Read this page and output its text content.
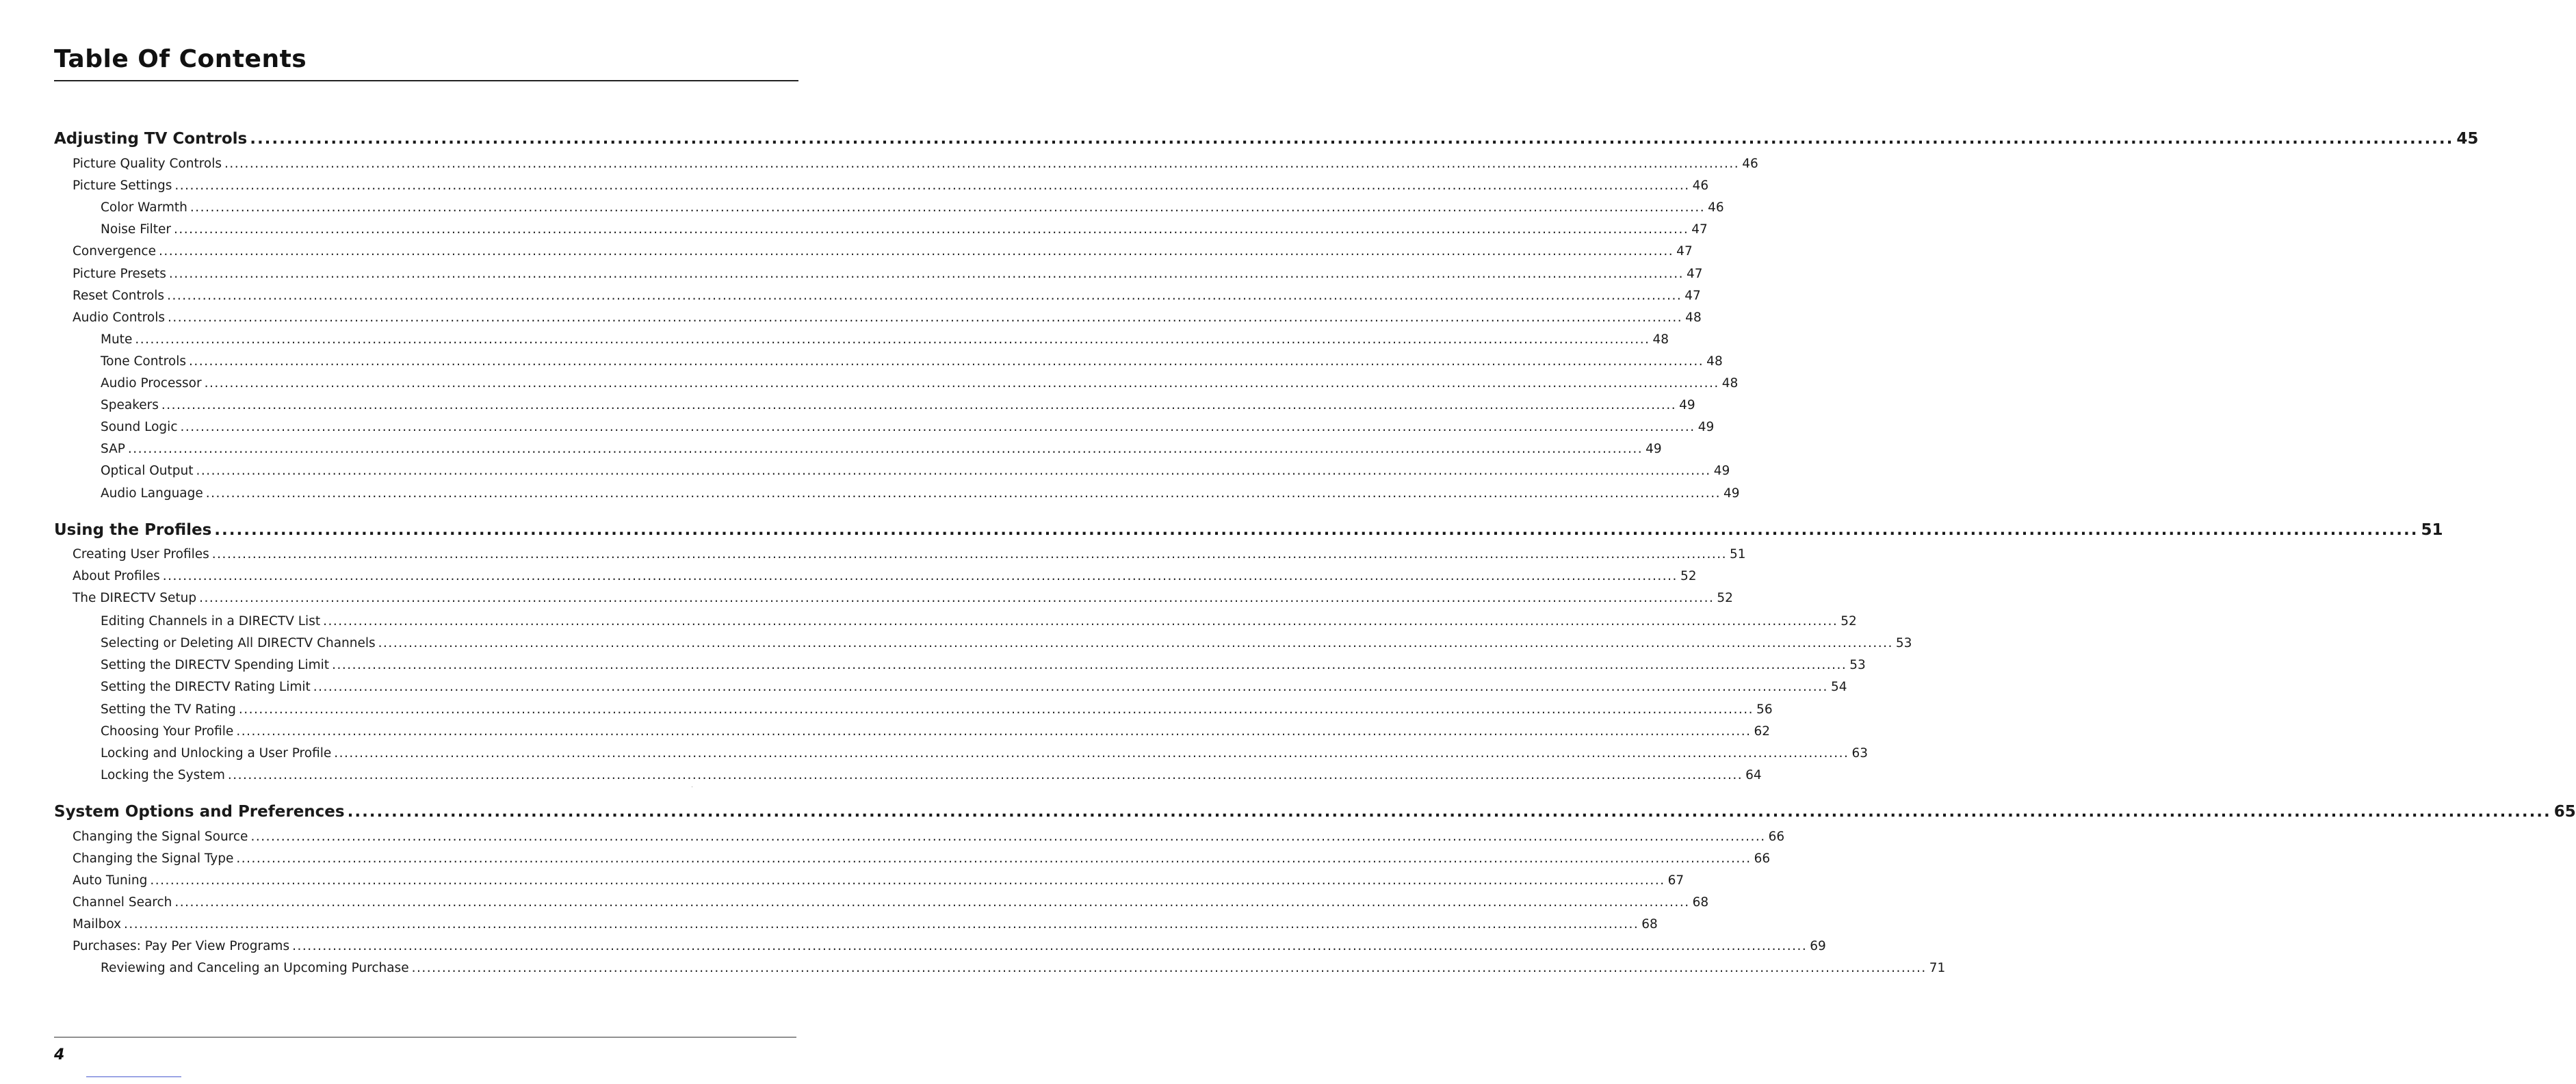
Table Of Contents
Adjusting TV Controls ............................................................................................................................................................................................................................................................................................................ 45
Picture Quality Controls ............................................................................................................................................................................................................................................................................................................ 46
Picture Settings ............................................................................................................................................................................................................................................................................................................ 46
Color Warmth ............................................................................................................................................................................................................................................................................................................ 46
Noise Filter ............................................................................................................................................................................................................................................................................................................ 47
Convergence ............................................................................................................................................................................................................................................................................................................ 47
Picture Presets ............................................................................................................................................................................................................................................................................................................ 47
Reset Controls ............................................................................................................................................................................................................................................................................................................ 47
Audio Controls ............................................................................................................................................................................................................................................................................................................ 48
Mute ............................................................................................................................................................................................................................................................................................................ 48
Tone Controls ............................................................................................................................................................................................................................................................................................................ 48
Audio Processor ............................................................................................................................................................................................................................................................................................................ 48
Speakers ............................................................................................................................................................................................................................................................................................................ 49
Sound Logic ............................................................................................................................................................................................................................................................................................................ 49
SAP ............................................................................................................................................................................................................................................................................................................ 49
Optical Output ............................................................................................................................................................................................................................................................................................................ 49
Audio Language ............................................................................................................................................................................................................................................................................................................ 49
Using the Profiles ............................................................................................................................................................................................................................................................................................................ 51
Creating User Profiles ............................................................................................................................................................................................................................................................................................................ 51
About Profiles ............................................................................................................................................................................................................................................................................................................ 52
The DIRECTV Setup ............................................................................................................................................................................................................................................................................................................ 52
Editing Channels in a DIRECTV List ............................................................................................................................................................................................................................................................................................................ 52
Selecting or Deleting All DIRECTV Channels ............................................................................................................................................................................................................................................................................................................ 53
Setting the DIRECTV Spending Limit ............................................................................................................................................................................................................................................................................................................ 53
Setting the DIRECTV Rating Limit ............................................................................................................................................................................................................................................................................................................ 54
Setting the TV Rating ............................................................................................................................................................................................................................................................................................................ 56
Choosing Your Profile ............................................................................................................................................................................................................................................................................................................ 62
Locking and Unlocking a User Profile ............................................................................................................................................................................................................................................................................................................ 63
Locking the System ............................................................................................................................................................................................................................................................................................................ 64
System Options and Preferences ............................................................................................................................................................................................................................................................................................................ 65
Changing the Signal Source ............................................................................................................................................................................................................................................................................................................ 66
Changing the Signal Type ............................................................................................................................................................................................................................................................................................................ 66
Auto Tuning ............................................................................................................................................................................................................................................................................................................ 67
Channel Search ............................................................................................................................................................................................................................................................................................................ 68
Mailbox ............................................................................................................................................................................................................................................................................................................ 68
Purchases: Pay Per View Programs ............................................................................................................................................................................................................................................................................................................ 69
Reviewing and Canceling an Upcoming Purchase ............................................................................................................................................................................................................................................................................................................ 71
4
